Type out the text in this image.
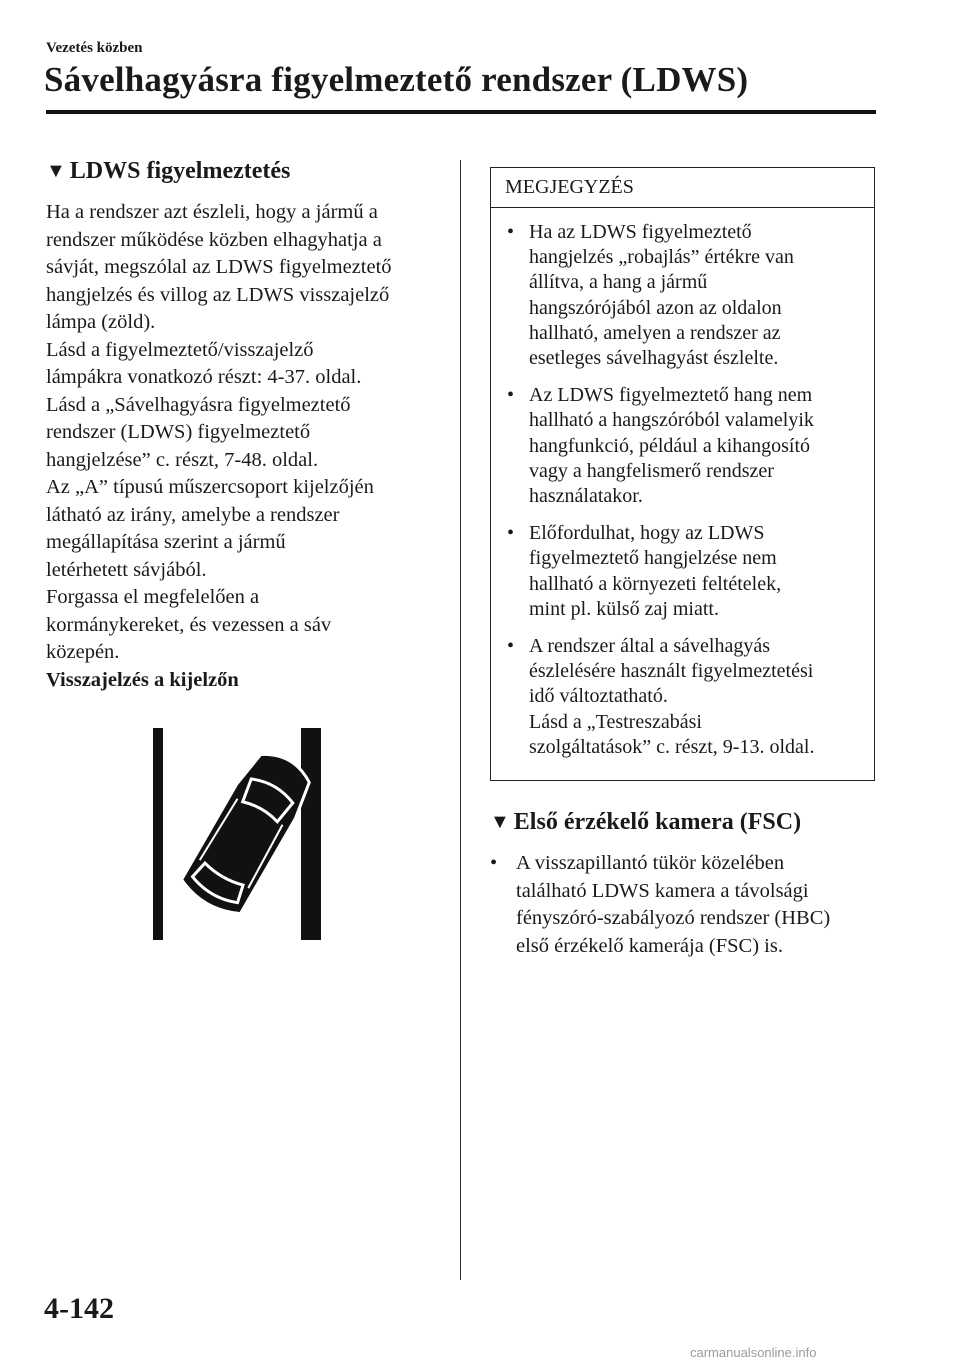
Vezetés közben
Sávelhagyásra figyelmeztető rendszer (LDWS)
▼ LDWS figyelmeztetés

Ha a rendszer azt észleli, hogy a jármű a

rendszer működése közben elhagyhatja a

sávját, megszólal az LDWS figyelmeztető

hangjelzés és villog az LDWS visszajelző

lámpa (zöld).

Lásd a figyelmeztető/visszajelző

lámpákra vonatkozó részt: 4-37. oldal.

Lásd a „Sávelhagyásra figyelmeztető

rendszer (LDWS) figyelmeztető

hangjelzése” c. részt, 7-48. oldal.

Az „A” típusú műszercsoport kijelzőjén

látható az irány, amelybe a rendszer

megállapítása szerint a jármű

letérhetett sávjából.

Forgassa el megfelelően a

kormánykereket, és vezessen a sáv

közepén.

Visszajelzés a kijelzőn
MEGJEGYZÉS
• Ha az LDWS figyelmeztető
hangjelzés „robajlás” értékre van
állítva, a hang a jármű
hangszórójából azon az oldalon
hallható, amelyen a rendszer az
esetleges sávelhagyást észlelte.
• Az LDWS figyelmeztető hang nem
hallható a hangszóróból valamelyik
hangfunkció, például a kihangosító
vagy a hangfelismerő rendszer
használatakor.
• Előfordulhat, hogy az LDWS
figyelmeztető hangjelzése nem
hallható a környezeti feltételek,
mint pl. külső zaj miatt.
• A rendszer által a sávelhagyás
észlelésére használt figyelmeztetési
idő változtatható.
Lásd a „Testreszabási
szolgáltatások” c. részt, 9-13. oldal.
▼ Első érzékelő kamera (FSC)
• A visszapillantó tükör közelében
található LDWS kamera a távolsági
fényszóró-szabályozó rendszer (HBC)
első érzékelő kamerája (FSC) is.
4-142
carmanualsonline.info
